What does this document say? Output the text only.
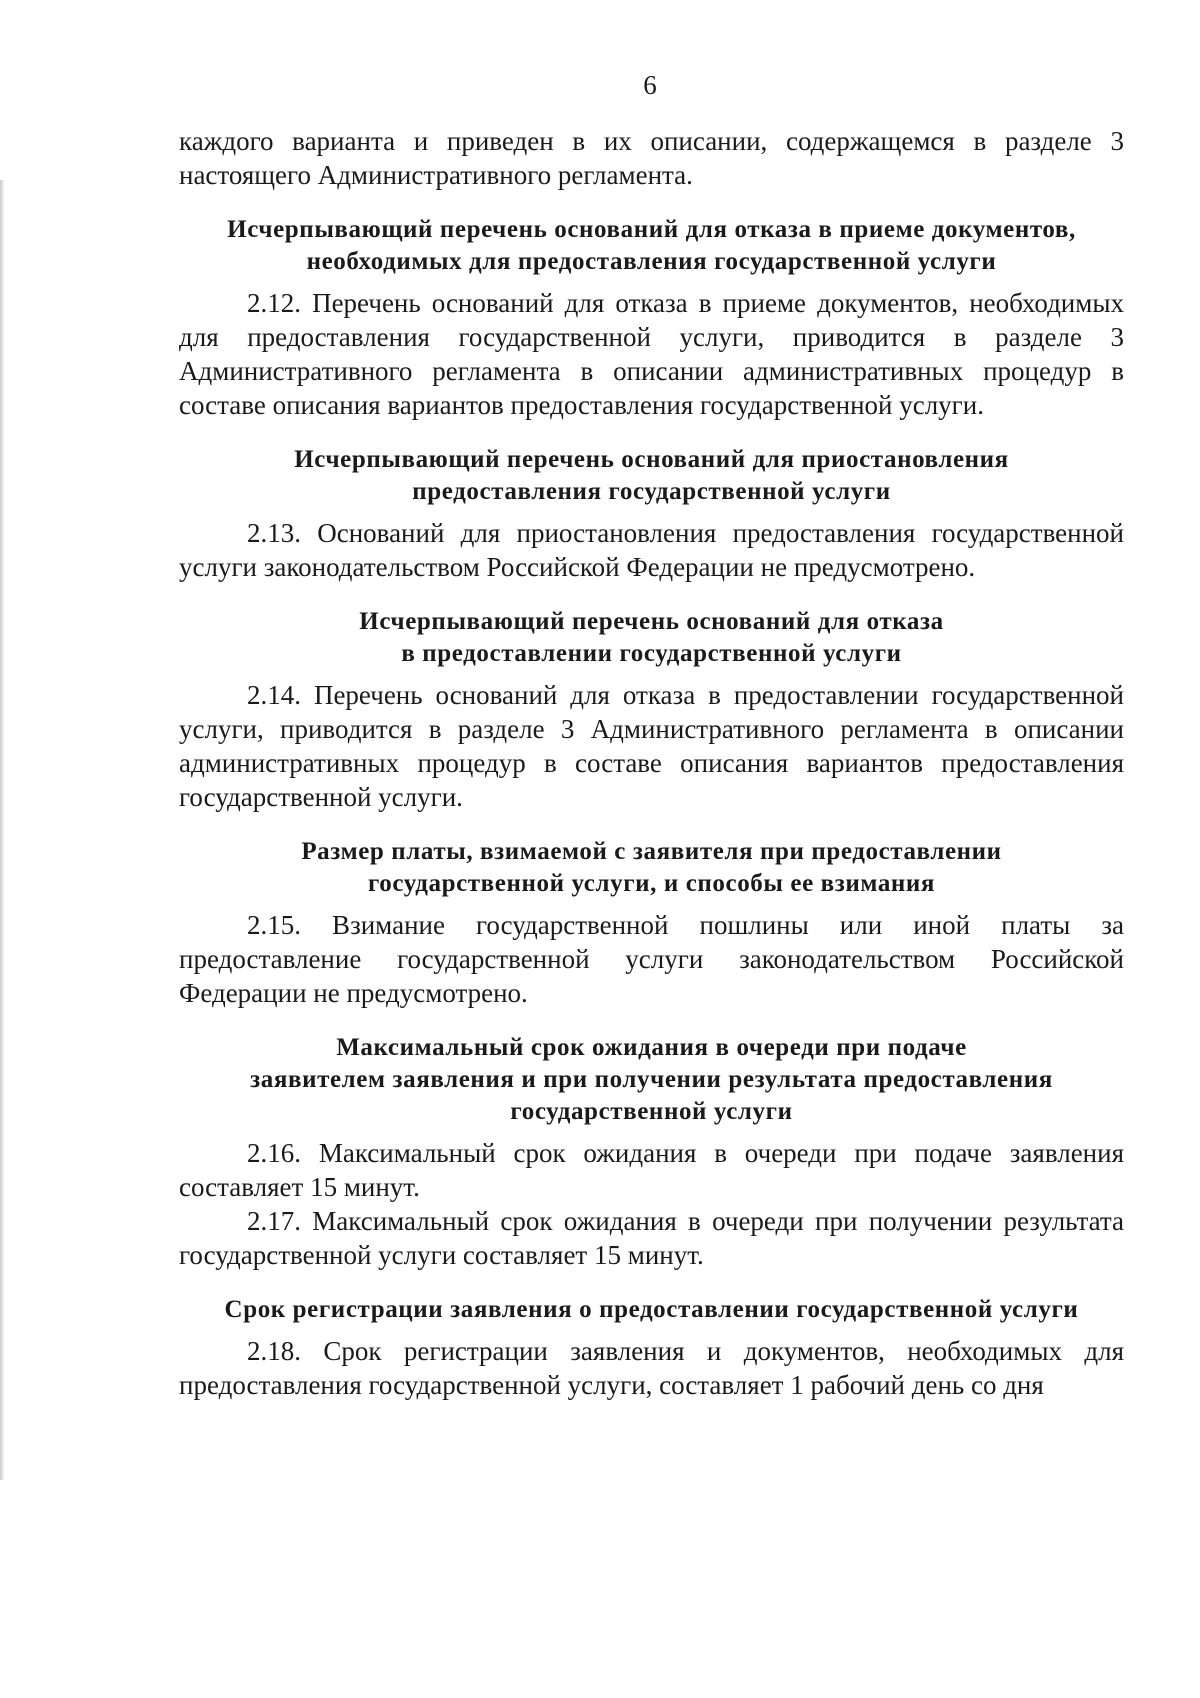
6

каждого варианта и приведен в их описании, содержащемся в разделе 3 настоящего Административного регламента.

Исчерпывающий перечень оснований для отказа в приеме документов,
необходимых для предоставления государственной услуги

2.12. Перечень оснований для отказа в приеме документов, необходимых для предоставления государственной услуги, приводится в разделе 3 Административного регламента в описании административных процедур в составе описания вариантов предоставления государственной услуги.

Исчерпывающий перечень оснований для приостановления
предоставления государственной услуги

2.13. Оснований для приостановления предоставления государственной услуги законодательством Российской Федерации не предусмотрено.

Исчерпывающий перечень оснований для отказа
в предоставлении государственной услуги

2.14. Перечень оснований для отказа в предоставлении государственной услуги, приводится в разделе 3 Административного регламента в описании административных процедур в составе описания вариантов предоставления государственной услуги.

Размер платы, взимаемой с заявителя при предоставлении
государственной услуги, и способы ее взимания

2.15. Взимание государственной пошлины или иной платы за предоставление государственной услуги законодательством Российской Федерации не предусмотрено.

Максимальный срок ожидания в очереди при подаче
заявителем заявления и при получении результата предоставления
государственной услуги

2.16. Максимальный срок ожидания в очереди при подаче заявления составляет 15 минут.

2.17. Максимальный срок ожидания в очереди при получении результата государственной услуги составляет 15 минут.

Срок регистрации заявления о предоставлении государственной услуги

2.18. Срок регистрации заявления и документов, необходимых для предоставления государственной услуги, составляет 1 рабочий день со дня
